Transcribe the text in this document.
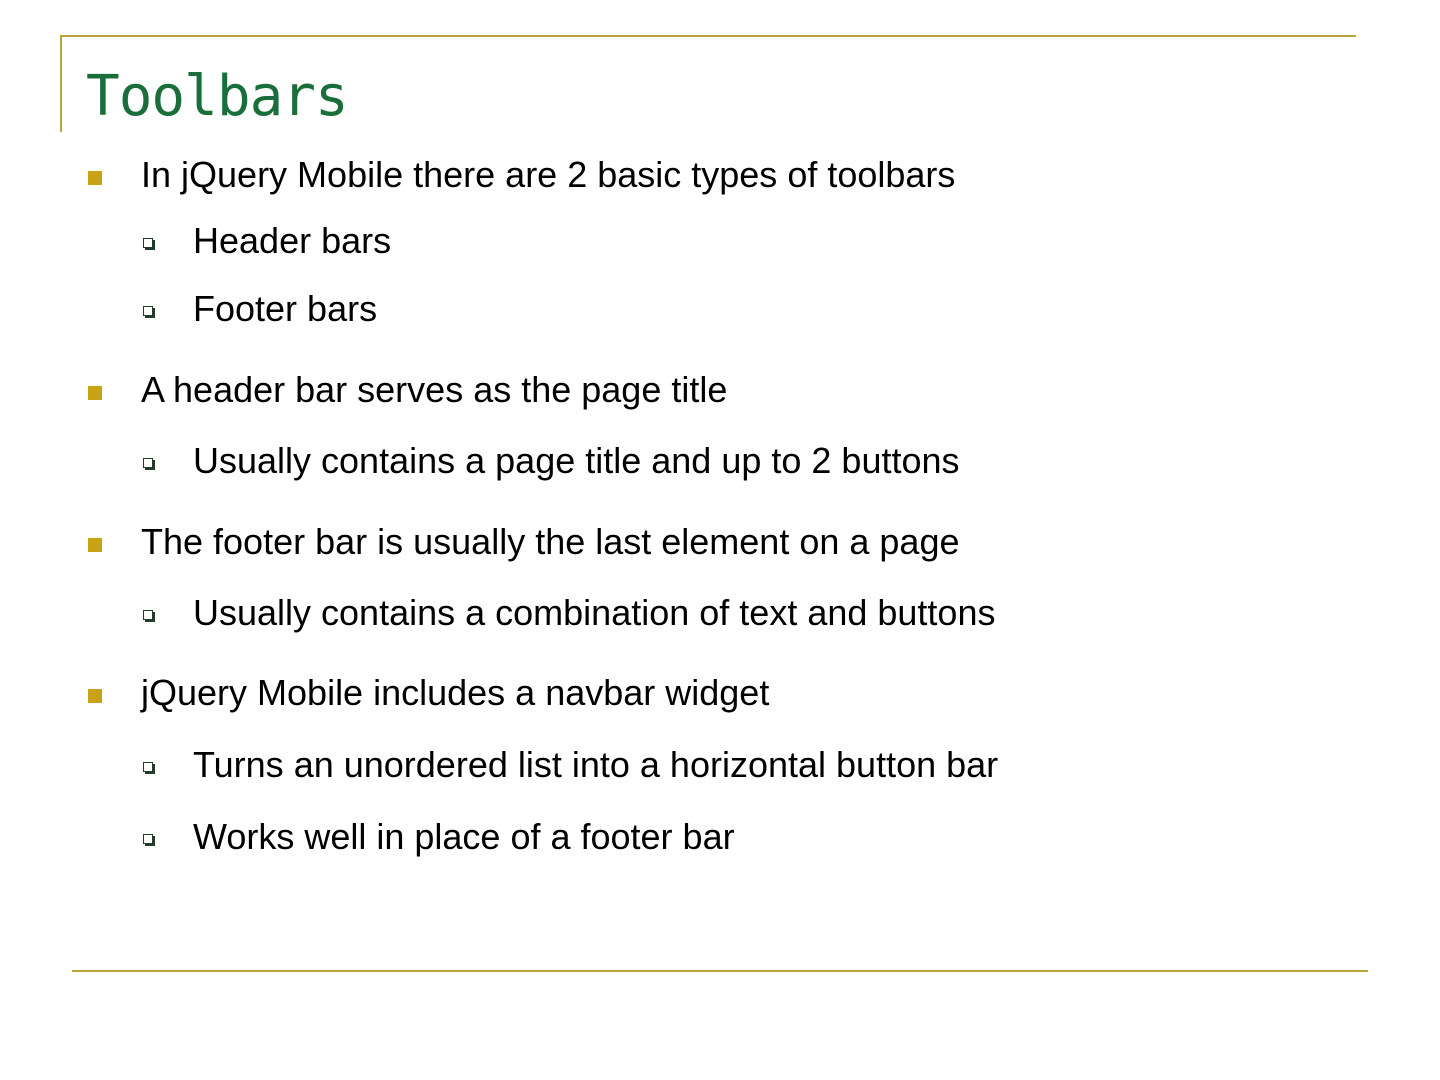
Toolbars
In jQuery Mobile there are 2 basic types of toolbars
Header bars
Footer bars
A header bar serves as the page title
Usually contains a page title and up to 2 buttons
The footer bar is usually the last element on a page
Usually contains a combination of text and buttons
jQuery Mobile includes a navbar widget
Turns an unordered list into a horizontal button bar
Works well in place of a footer bar
